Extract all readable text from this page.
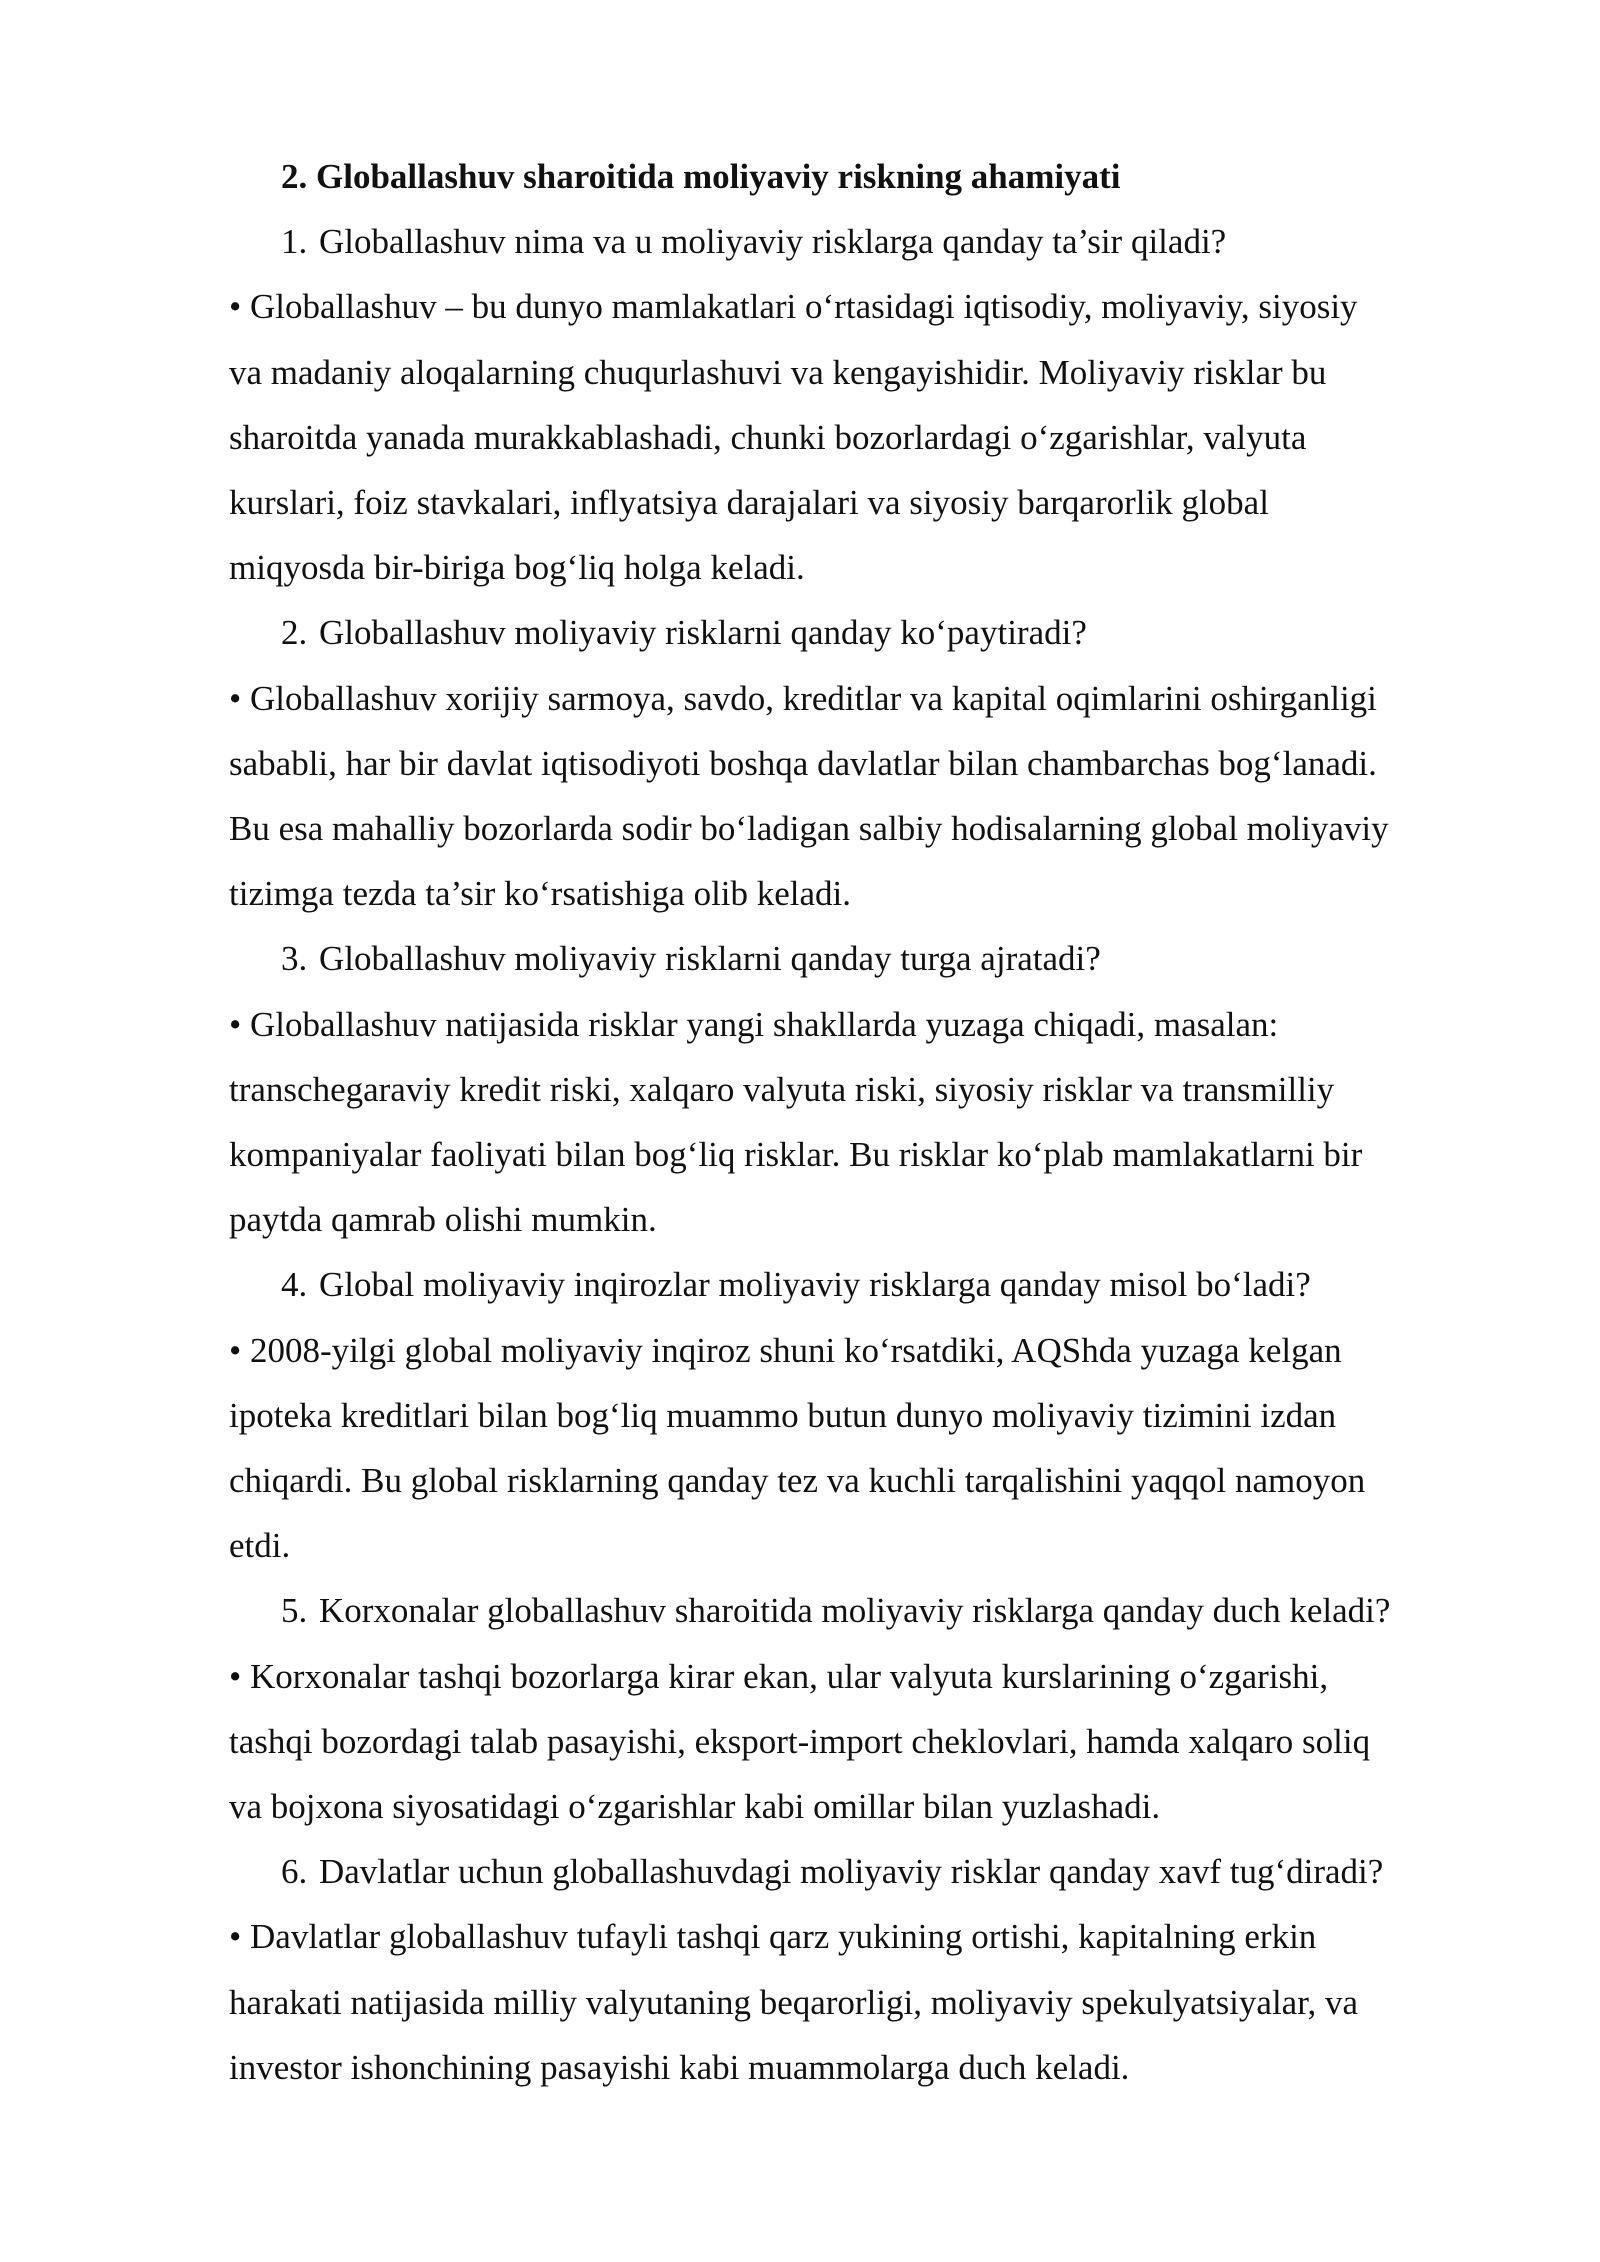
2. Globallashuv sharoitida moliyaviy riskning ahamiyati

1. Globallashuv nima va u moliyaviy risklarga qanday ta’sir qiladi?

• Globallashuv – bu dunyo mamlakatlari o‘rtasidagi iqtisodiy, moliyaviy, siyosiy
va madaniy aloqalarning chuqurlashuvi va kengayishidir. Moliyaviy risklar bu
sharoitda yanada murakkablashadi, chunki bozorlardagi o‘zgarishlar, valyuta
kurslari, foiz stavkalari, inflyatsiya darajalari va siyosiy barqarorlik global
miqyosda bir-biriga bog‘liq holga keladi.

2. Globallashuv moliyaviy risklarni qanday ko‘paytiradi?

• Globallashuv xorijiy sarmoya, savdo, kreditlar va kapital oqimlarini oshirganligi
sababli, har bir davlat iqtisodiyoti boshqa davlatlar bilan chambarchas bog‘lanadi.
Bu esa mahalliy bozorlarda sodir bo‘ladigan salbiy hodisalarning global moliyaviy
tizimga tezda ta’sir ko‘rsatishiga olib keladi.

3. Globallashuv moliyaviy risklarni qanday turga ajratadi?

• Globallashuv natijasida risklar yangi shakllarda yuzaga chiqadi, masalan:
transchegaraviy kredit riski, xalqaro valyuta riski, siyosiy risklar va transmilliy
kompaniyalar faoliyati bilan bog‘liq risklar. Bu risklar ko‘plab mamlakatlarni bir
paytda qamrab olishi mumkin.

4. Global moliyaviy inqirozlar moliyaviy risklarga qanday misol bo‘ladi?

• 2008-yilgi global moliyaviy inqiroz shuni ko‘rsatdiki, AQShda yuzaga kelgan
ipoteka kreditlari bilan bog‘liq muammo butun dunyo moliyaviy tizimini izdan
chiqardi. Bu global risklarning qanday tez va kuchli tarqalishini yaqqol namoyon
etdi.

5. Korxonalar globallashuv sharoitida moliyaviy risklarga qanday duch keladi?

• Korxonalar tashqi bozorlarga kirar ekan, ular valyuta kurslarining o‘zgarishi,
tashqi bozordagi talab pasayishi, eksport-import cheklovlari, hamda xalqaro soliq
va bojxona siyosatidagi o‘zgarishlar kabi omillar bilan yuzlashadi.

6. Davlatlar uchun globallashuvdagi moliyaviy risklar qanday xavf tug‘diradi?

• Davlatlar globallashuv tufayli tashqi qarz yukining ortishi, kapitalning erkin
harakati natijasida milliy valyutaning beqarorligi, moliyaviy spekulyatsiyalar, va
investor ishonchining pasayishi kabi muammolarga duch keladi.
